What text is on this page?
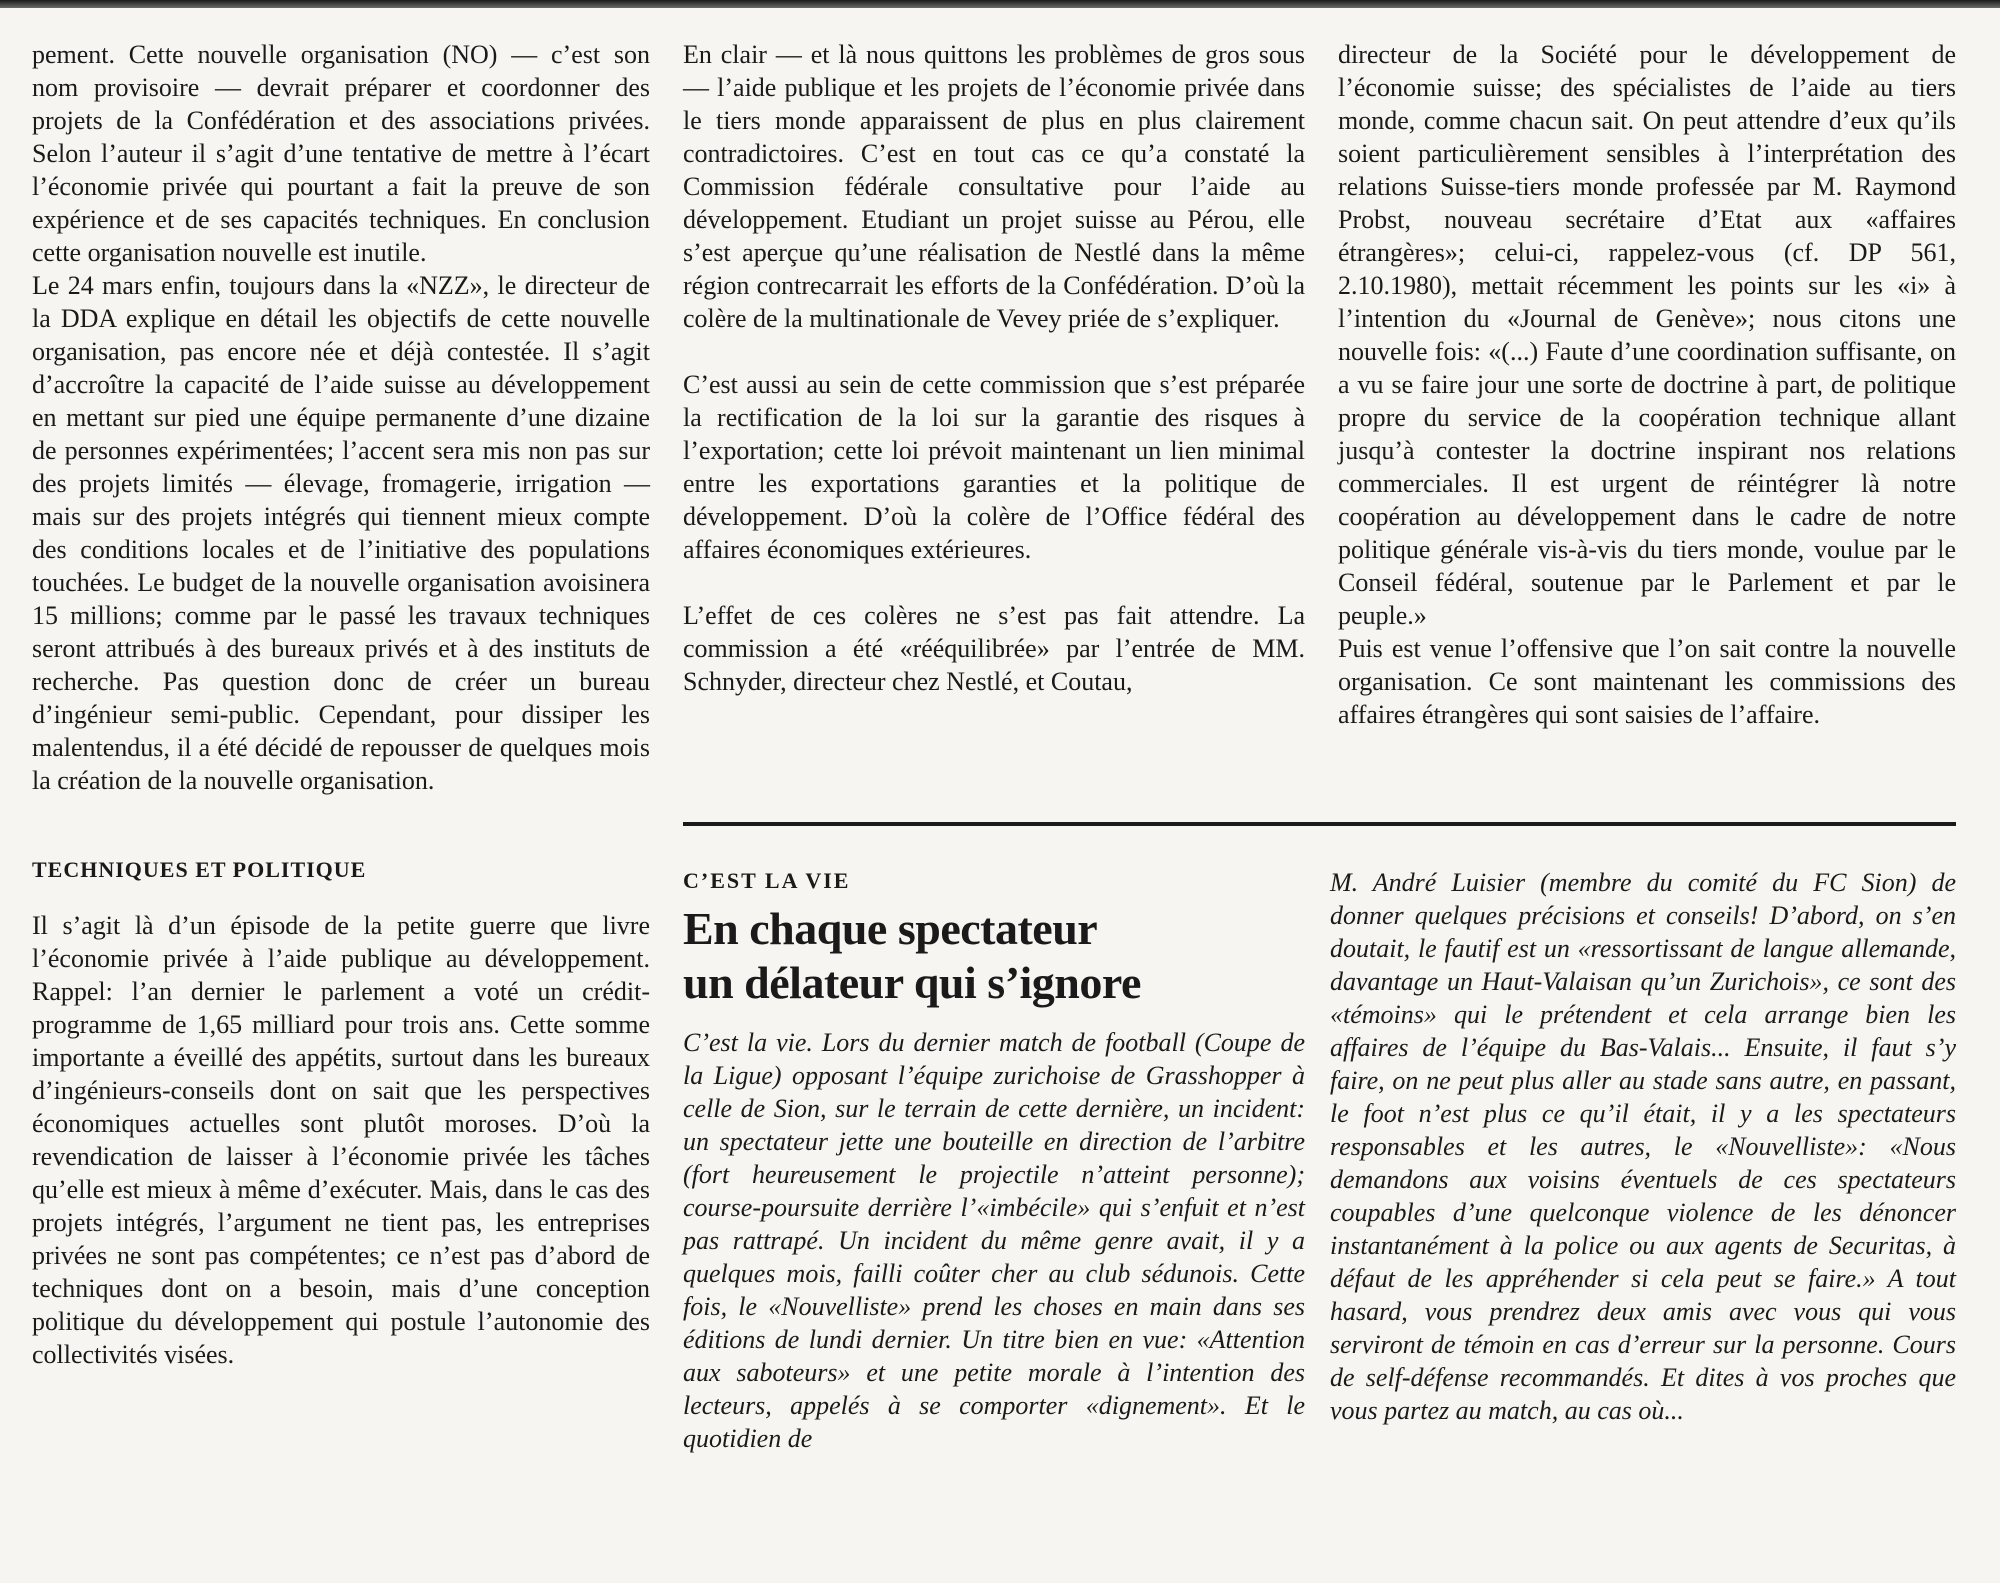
pement. Cette nouvelle organisation (NO) — c’est son nom provisoire — devrait préparer et coordonner des projets de la Confédération et des associations privées. Selon l’auteur il s’agit d’une tentative de mettre à l’écart l’économie privée qui pourtant a fait la preuve de son expérience et de ses capacités techniques. En conclusion cette organisation nouvelle est inutile.

Le 24 mars enfin, toujours dans la «NZZ», le directeur de la DDA explique en détail les objectifs de cette nouvelle organisation, pas encore née et déjà contestée. Il s’agit d’accroître la capacité de l’aide suisse au développement en mettant sur pied une équipe permanente d’une dizaine de personnes expérimentées; l’accent sera mis non pas sur des projets limités — élevage, fromagerie, irrigation — mais sur des projets intégrés qui tiennent mieux compte des conditions locales et de l’initiative des populations touchées. Le budget de la nouvelle organisation avoisinera 15 millions; comme par le passé les travaux techniques seront attribués à des bureaux privés et à des instituts de recherche. Pas question donc de créer un bureau d’ingénieur semi-public. Cependant, pour dissiper les malentendus, il a été décidé de repousser de quelques mois la création de la nouvelle organisation.

TECHNIQUES ET POLITIQUE

Il s’agit là d’un épisode de la petite guerre que livre l’économie privée à l’aide publique au développement. Rappel: l’an dernier le parlement a voté un crédit-programme de 1,65 milliard pour trois ans. Cette somme importante a éveillé des appétits, surtout dans les bureaux d’ingénieurs-conseils dont on sait que les perspectives économiques actuelles sont plutôt moroses. D’où la revendication de laisser à l’économie privée les tâches qu’elle est mieux à même d’exécuter. Mais, dans le cas des projets intégrés, l’argument ne tient pas, les entreprises privées ne sont pas compétentes; ce n’est pas d’abord de techniques dont on a besoin, mais d’une conception politique du développement qui postule l’autonomie des collectivités visées.

En clair — et là nous quittons les problèmes de gros sous — l’aide publique et les projets de l’économie privée dans le tiers monde apparaissent de plus en plus clairement contradictoires. C’est en tout cas ce qu’a constaté la Commission fédérale consultative pour l’aide au développement. Etudiant un projet suisse au Pérou, elle s’est aperçue qu’une réalisation de Nestlé dans la même région contrecarrait les efforts de la Confédération. D’où la colère de la multinationale de Vevey priée de s’expliquer.

C’est aussi au sein de cette commission que s’est préparée la rectification de la loi sur la garantie des risques à l’exportation; cette loi prévoit maintenant un lien minimal entre les exportations garanties et la politique de développement. D’où la colère de l’Office fédéral des affaires économiques extérieures.

L’effet de ces colères ne s’est pas fait attendre. La commission a été «rééquilibrée» par l’entrée de MM. Schnyder, directeur chez Nestlé, et Coutau,

directeur de la Société pour le développement de l’économie suisse; des spécialistes de l’aide au tiers monde, comme chacun sait. On peut attendre d’eux qu’ils soient particulièrement sensibles à l’interprétation des relations Suisse-tiers monde professée par M. Raymond Probst, nouveau secrétaire d’Etat aux «affaires étrangères»; celui-ci, rappelez-vous (cf. DP 561, 2.10.1980), mettait récemment les points sur les «i» à l’intention du «Journal de Genève»; nous citons une nouvelle fois: «(...) Faute d’une coordination suffisante, on a vu se faire jour une sorte de doctrine à part, de politique propre du service de la coopération technique allant jusqu’à contester la doctrine inspirant nos relations commerciales. Il est urgent de réintégrer là notre coopération au développement dans le cadre de notre politique générale vis-à-vis du tiers monde, voulue par le Conseil fédéral, soutenue par le Parlement et par le peuple.»

Puis est venue l’offensive que l’on sait contre la nouvelle organisation. Ce sont maintenant les commissions des affaires étrangères qui sont saisies de l’affaire.

C’EST LA VIE
En chaque spectateur
un délateur qui s’ignore

C’est la vie. Lors du dernier match de football (Coupe de la Ligue) opposant l’équipe zurichoise de Grasshopper à celle de Sion, sur le terrain de cette dernière, un incident: un spectateur jette une bouteille en direction de l’arbitre (fort heureusement le projectile n’atteint personne); course-poursuite derrière l’«imbécile» qui s’enfuit et n’est pas rattrapé. Un incident du même genre avait, il y a quelques mois, failli coûter cher au club sédunois. Cette fois, le «Nouvelliste» prend les choses en main dans ses éditions de lundi dernier. Un titre bien en vue: «Attention aux saboteurs» et une petite morale à l’intention des lecteurs, appelés à se comporter «dignement». Et le quotidien de

M. André Luisier (membre du comité du FC Sion) de donner quelques précisions et conseils! D’abord, on s’en doutait, le fautif est un «ressortissant de langue allemande, davantage un Haut-Valaisan qu’un Zurichois», ce sont des «témoins» qui le prétendent et cela arrange bien les affaires de l’équipe du Bas-Valais... Ensuite, il faut s’y faire, on ne peut plus aller au stade sans autre, en passant, le foot n’est plus ce qu’il était, il y a les spectateurs responsables et les autres, le «Nouvelliste»: «Nous demandons aux voisins éventuels de ces spectateurs coupables d’une quelconque violence de les dénoncer instantanément à la police ou aux agents de Securitas, à défaut de les appréhender si cela peut se faire.» A tout hasard, vous prendrez deux amis avec vous qui vous serviront de témoin en cas d’erreur sur la personne. Cours de self-défense recommandés. Et dites à vos proches que vous partez au match, au cas où...
